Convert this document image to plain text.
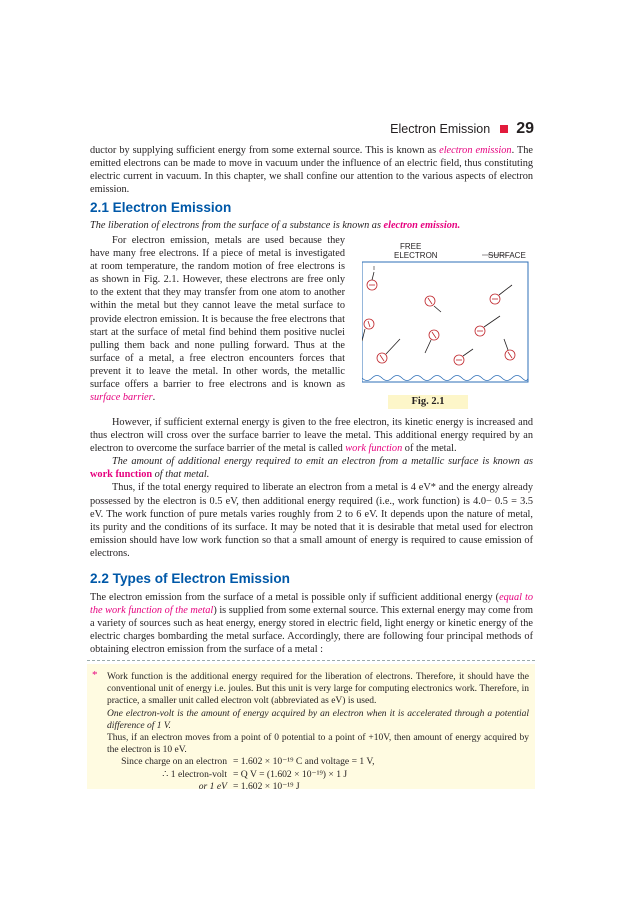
Electron Emission 29

ductor by supplying sufficient energy from some external source. This is known as electron emission. The emitted electrons can be made to move in vacuum under the influence of an electric field, thus constituting electric current in vacuum. In this chapter, we shall confine our attention to the various aspects of electron emission.

2.1 Electron Emission

The liberation of electrons from the surface of a substance is known as electron emission.

For electron emission, metals are used because they have many free electrons. If a piece of metal is investigated at room temperature, the random motion of free electrons is as shown in Fig. 2.1. However, these electrons are free only to the extent that they may transfer from one atom to another within the metal but they cannot leave the metal surface to provide electron emission. It is because the free electrons that start at the surface of metal find behind them positive nuclei pulling them back and none pulling forward. Thus at the surface of a metal, a free electron encounters forces that prevent it to leave the metal. In other words, the metallic surface offers a barrier to free electrons and is known as surface barrier.

FREE
ELECTRON	SURFACE
Fig. 2.1

However, if sufficient external energy is given to the free electron, its kinetic energy is increased and thus electron will cross over the surface barrier to leave the metal. This additional energy required by an electron to overcome the surface barrier of the metal is called work function of the metal.

The amount of additional energy required to emit an electron from a metallic surface is known as work function of that metal.

Thus, if the total energy required to liberate an electron from a metal is 4 eV* and the energy already possessed by the electron is 0.5 eV, then additional energy required (i.e., work function) is 4.0− 0.5 = 3.5 eV. The work function of pure metals varies roughly from 2 to 6 eV. It depends upon the nature of metal, its purity and the conditions of its surface. It may be noted that it is desirable that metal used for electron emission should have low work function so that a small amount of energy is required to cause emission of electrons.

2.2 Types of Electron Emission

The electron emission from the surface of a metal is possible only if sufficient additional energy (equal to the work function of the metal) is supplied from some external source. This external energy may come from a variety of sources such as heat energy, energy stored in electric field, light energy or kinetic energy of the electric charges bombarding the metal surface. Accordingly, there are following four principal methods of obtaining electron emission from the surface of a metal :

* Work function is the additional energy required for the liberation of electrons. Therefore, it should have the conventional unit of energy i.e. joules. But this unit is very large for computing electronics work. Therefore, in practice, a smaller unit called electron volt (abbreviated as eV) is used.

One electron-volt is the amount of energy acquired by an electron when it is accelerated through a potential difference of 1 V.

Thus, if an electron moves from a point of 0 potential to a point of +10V, then amount of energy acquired by the electron is 10 eV.

Since charge on an electron = 1.602 × 10⁻¹⁹ C and voltage = 1 V,
∴ 1 electron-volt = Q V = (1.602 × 10⁻¹⁹) × 1 J
or 1 eV = 1.602 × 10⁻¹⁹ J
